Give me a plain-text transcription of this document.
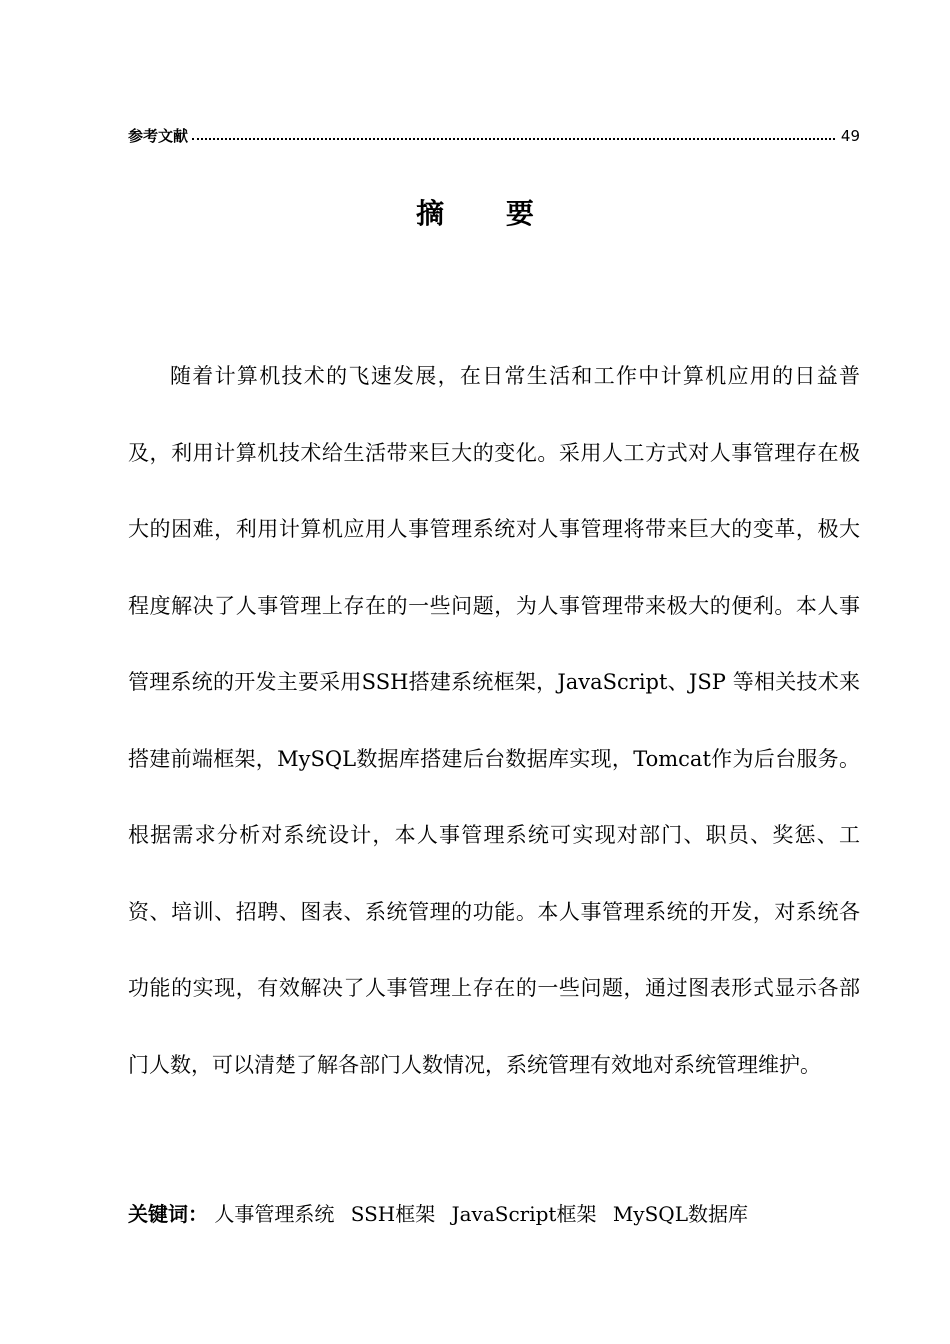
参考文献	49
摘 要

随着计算机技术的飞速发展，在日常生活和工作中计算机应用的日益普及，利用计算机技术给生活带来巨大的变化。采用人工方式对人事管理存在极大的困难，利用计算机应用人事管理系统对人事管理将带来巨大的变革，极大程度解决了人事管理上存在的一些问题，为人事管理带来极大的便利。本人事管理系统的开发主要采用SSH搭建系统框架，JavaScript、JSP 等相关技术来搭建前端框架，MySQL数据库搭建后台数据库实现，Tomcat作为后台服务。根据需求分析对系统设计，本人事管理系统可实现对部门、职员、奖惩、工资、培训、招聘、图表、系统管理的功能。本人事管理系统的开发，对系统各功能的实现，有效解决了人事管理上存在的一些问题，通过图表形式显示各部门人数，可以清楚了解各部门人数情况，系统管理有效地对系统管理维护。

关键词： 人事管理系统 SSH框架 JavaScript框架 MySQL数据库
